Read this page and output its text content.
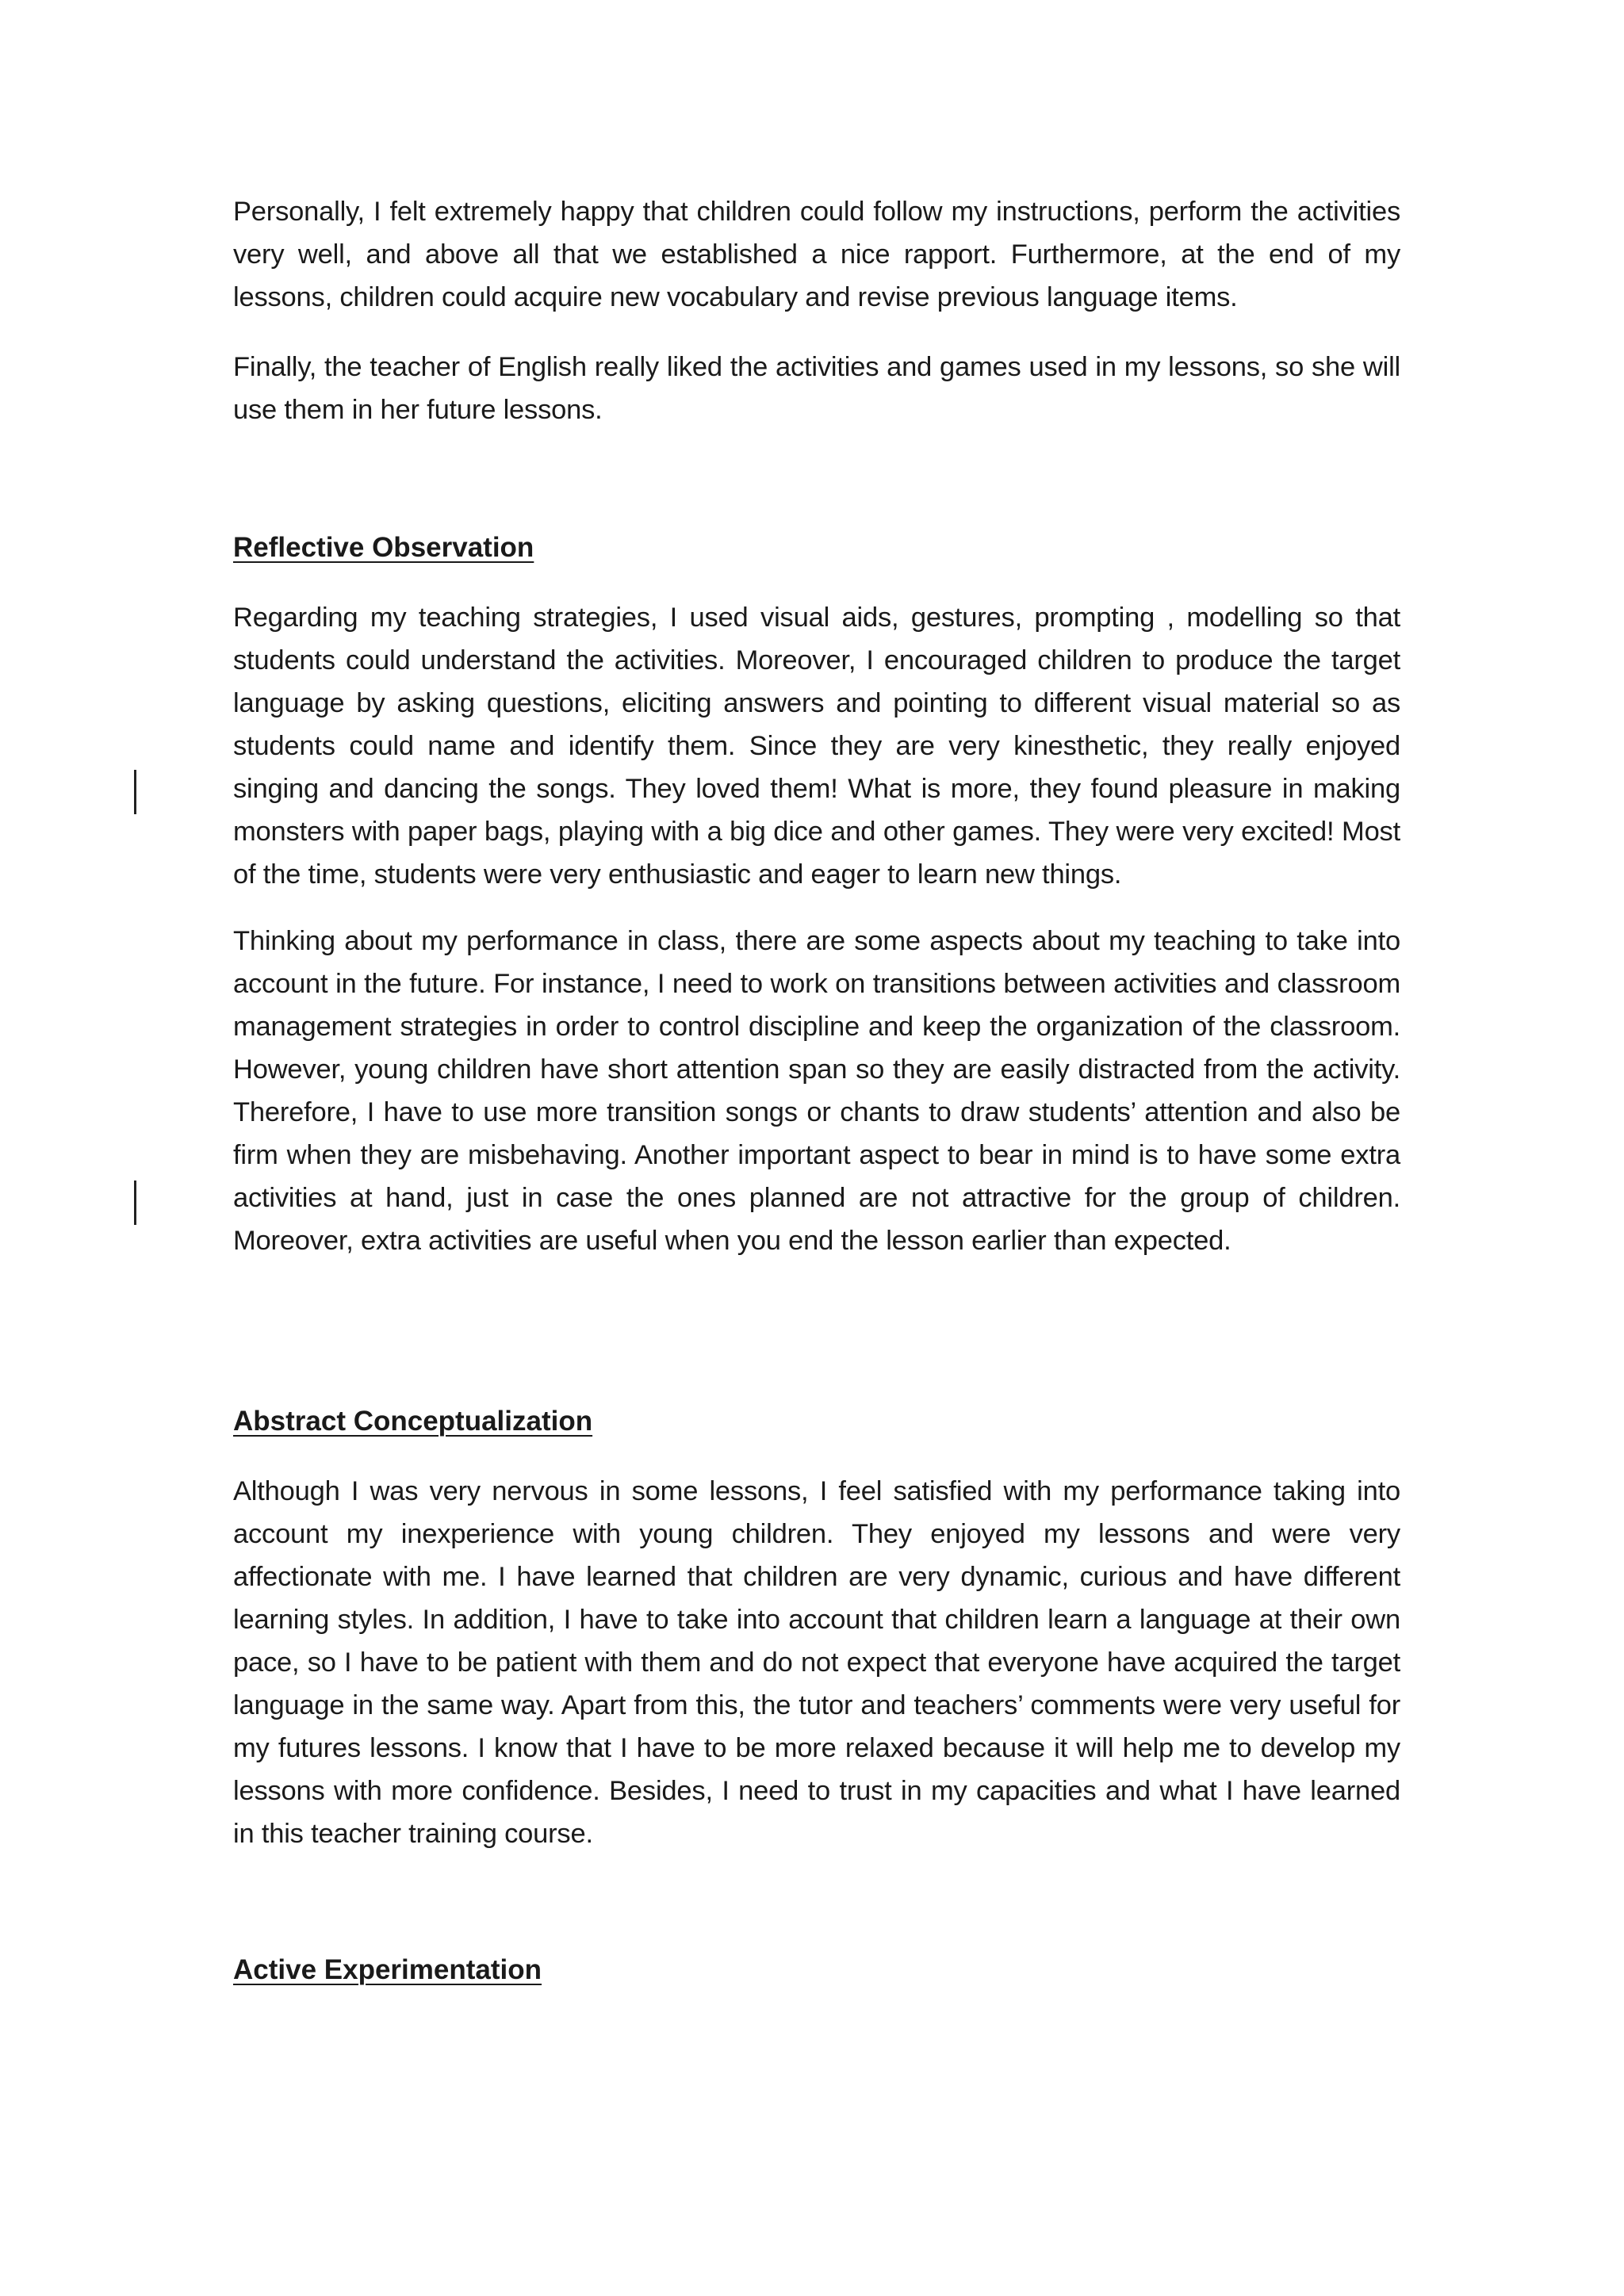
Personally, I felt extremely happy that children could follow my instructions, perform the activities very well, and above all that we established a nice rapport. Furthermore, at the end of my lessons, children could acquire new vocabulary and revise previous language items.

Finally, the teacher of English really liked the activities and games used in my lessons, so she will use them in her future lessons.

Reflective Observation

Regarding my teaching strategies, I used visual aids, gestures, prompting , modelling so that students could understand the activities. Moreover, I encouraged children to produce the target language by asking questions, eliciting answers and pointing to different visual material so as students could name and identify them. Since they are very kinesthetic, they really enjoyed singing and dancing the songs. They loved them! What is more, they found pleasure in making monsters with paper bags, playing with a big dice and other games. They were very excited! Most of the time, students were very enthusiastic and eager to learn new things.

Thinking about my performance in class, there are some aspects about my teaching to take into account in the future. For instance, I need to work on transitions between activities and classroom management strategies in order to control discipline and keep the organization of the classroom. However, young children have short attention span so they are easily distracted from the activity. Therefore, I have to use more transition songs or chants to draw students’ attention and also be firm when they are misbehaving. Another important aspect to bear in mind is to have some extra activities at hand, just in case the ones planned are not attractive for the group of children. Moreover, extra activities are useful when you end the lesson earlier than expected.

Abstract Conceptualization

Although I was very nervous in some lessons, I feel satisfied with my performance taking into account my inexperience with young children. They enjoyed my lessons and were very affectionate with me. I have learned that children are very dynamic, curious and have different learning styles. In addition, I have to take into account that children learn a language at their own pace, so I have to be patient with them and do not expect that everyone have acquired the target language in the same way. Apart from this, the tutor and teachers’ comments were very useful for my futures lessons. I know that I have to be more relaxed because it will help me to develop my lessons with more confidence. Besides, I need to trust in my capacities and what I have learned in this teacher training course.

Active Experimentation
